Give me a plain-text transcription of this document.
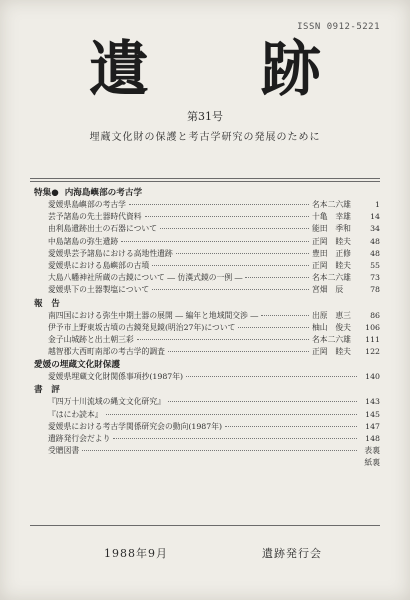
ISSN 0912-5221
遺　跡
第31号
埋蔵文化財の保護と考古学研究の発展のために
特集● 内海島嶼部の考古学
愛媛県島嶼部の考古学	名本二六雄	1
芸予諸島の先土器時代資料	十亀　幸雄	14
由利島遺跡出土の石器について	能田　季和	34
中島諸島の弥生遺跡	正岡　睦夫	48
愛媛県芸予諸島における高地性遺跡	豊田　正修	48
愛媛県における島嶼部の古墳	正岡　睦夫	55
大島八幡神社所蔵の古鏡について ― 仿漢式鏡の一例 ―	名本二六雄	73
愛媛県下の土器製塩について	宮畑　辰	78
報　告
南四国における弥生中期土器の展開 ― 編年と地域間交渉 ―	出原　恵三	86
伊予市上野東坂古墳の古鏡発見鏡(明治27年)について	柚山　俊夫	106
金子山城跡と出土朝三彩	名本二六雄	111
越智郡大西町南部の考古学的調査	正岡　睦夫	122
愛媛の埋蔵文化財保護
愛媛県埋蔵文化財関係事項抄(1987年)	140
書　評
『四万十川流域の縄文文化研究』	143
『はにわ読本』	145
愛媛県における考古学関係研究会の動向(1987年)	147
遺跡発行会だより	148
受贈図書	表裏紙裏
1988年9月	遺跡発行会
